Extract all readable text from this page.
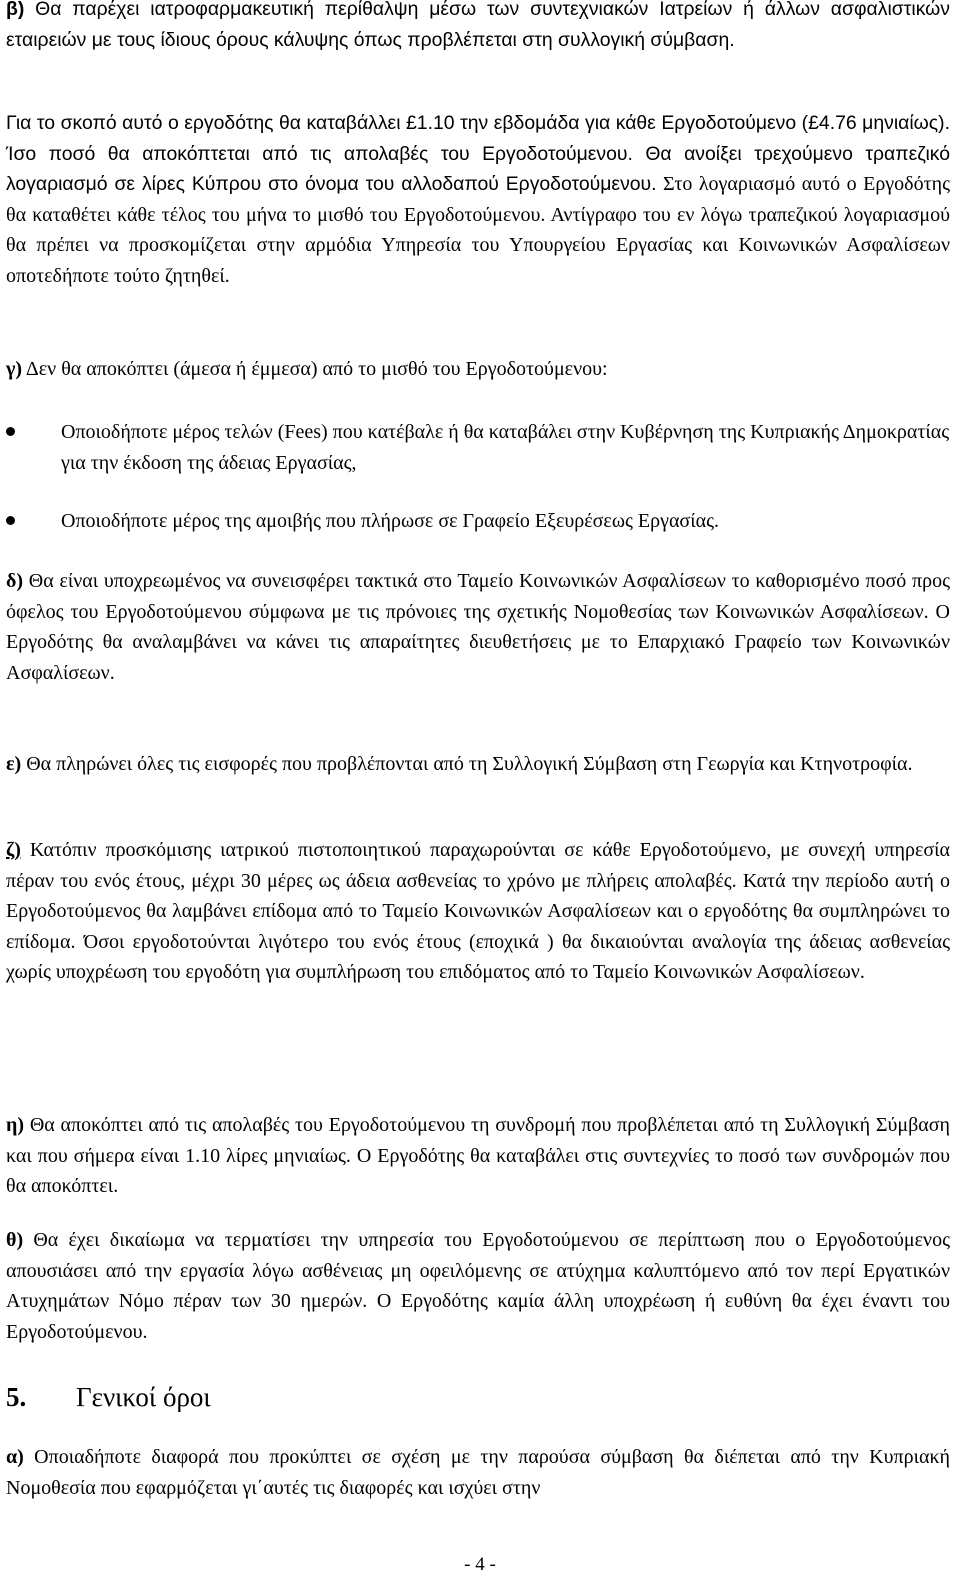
β) Θα παρέχει ιατροφαρμακευτική περίθαλψη μέσω των συντεχνιακών Ιατρείων ή άλλων ασφαλιστικών εταιρειών με τους ίδιους όρους κάλυψης όπως προβλέπεται στη συλλογική σύμβαση.

Για το σκοπό αυτό ο εργοδότης θα καταβάλλει £1.10 την εβδομάδα για κάθε Εργοδοτούμενο (£4.76 μηνιαίως). Ίσο ποσό θα αποκόπτεται από τις απολαβές του Εργοδοτούμενου. Θα ανοίξει τρεχούμενο τραπεζικό λογαριασμό σε λίρες Κύπρου στο όνομα του αλλοδαπού Εργοδοτούμενου. Στο λογαριασμό αυτό ο Εργοδότης θα καταθέτει κάθε τέλος του μήνα το μισθό του Εργοδοτούμενου. Αντίγραφο του εν λόγω τραπεζικού λογαριασμού θα πρέπει να προσκομίζεται στην αρμόδια Υπηρεσία του Υπουργείου Εργασίας και Κοινωνικών Ασφαλίσεων οποτεδήποτε τούτο ζητηθεί.

γ) Δεν θα αποκόπτει (άμεσα ή έμμεσα) από το μισθό του Εργοδοτούμενου:

Οποιοδήποτε μέρος τελών (Fees) που κατέβαλε ή θα καταβάλει στην Κυβέρνηση της Κυπριακής Δημοκρατίας για την έκδοση της άδειας Εργασίας,
Οποιοδήποτε μέρος της αμοιβής που πλήρωσε σε Γραφείο Εξευρέσεως Εργασίας.

δ) Θα είναι υποχρεωμένος να συνεισφέρει τακτικά στο Ταμείο Κοινωνικών Ασφαλίσεων το καθορισμένο ποσό προς όφελος του Εργοδοτούμενου σύμφωνα με τις πρόνοιες της σχετικής Νομοθεσίας των Κοινωνικών Ασφαλίσεων. Ο Εργοδότης θα αναλαμβάνει να κάνει τις απαραίτητες διευθετήσεις με το Επαρχιακό Γραφείο των Κοινωνικών Ασφαλίσεων.

ε) Θα πληρώνει όλες τις εισφορές που προβλέπονται από τη Συλλογική Σύμβαση στη Γεωργία και Κτηνοτροφία.

ζ) Κατόπιν προσκόμισης ιατρικού πιστοποιητικού παραχωρούνται σε κάθε Εργοδοτούμενο, με συνεχή υπηρεσία πέραν του ενός έτους, μέχρι 30 μέρες ως άδεια ασθενείας το χρόνο με πλήρεις απολαβές. Κατά την περίοδο αυτή ο Εργοδοτούμενος θα λαμβάνει επίδομα από το Ταμείο Κοινωνικών Ασφαλίσεων και ο εργοδότης θα συμπληρώνει το επίδομα. Όσοι εργοδοτούνται λιγότερο του ενός έτους (εποχικά ) θα δικαιούνται αναλογία της άδειας ασθενείας χωρίς υποχρέωση του εργοδότη για συμπλήρωση του επιδόματος από το Ταμείο Κοινωνικών Ασφαλίσεων.

η) Θα αποκόπτει από τις απολαβές του Εργοδοτούμενου τη συνδρομή που προβλέπεται από τη Συλλογική Σύμβαση και που σήμερα είναι 1.10 λίρες μηνιαίως. Ο Εργοδότης θα καταβάλει στις συντεχνίες το ποσό των συνδρομών που θα αποκόπτει.

θ) Θα έχει δικαίωμα να τερματίσει την υπηρεσία του Εργοδοτούμενου σε περίπτωση που ο Εργοδοτούμενος απουσιάσει από την εργασία λόγω ασθένειας μη οφειλόμενης σε ατύχημα καλυπτόμενο από τον περί Εργατικών Ατυχημάτων Νόμο πέραν των 30 ημερών. Ο Εργοδότης καμία άλλη υποχρέωση ή ευθύνη θα έχει έναντι του Εργοδοτούμενου.

5. Γενικοί όροι

α) Οποιαδήποτε διαφορά που προκύπτει σε σχέση με την παρούσα σύμβαση θα διέπεται από την Κυπριακή Νομοθεσία που εφαρμόζεται γι΄αυτές τις διαφορές και ισχύει στην

- 4 -
